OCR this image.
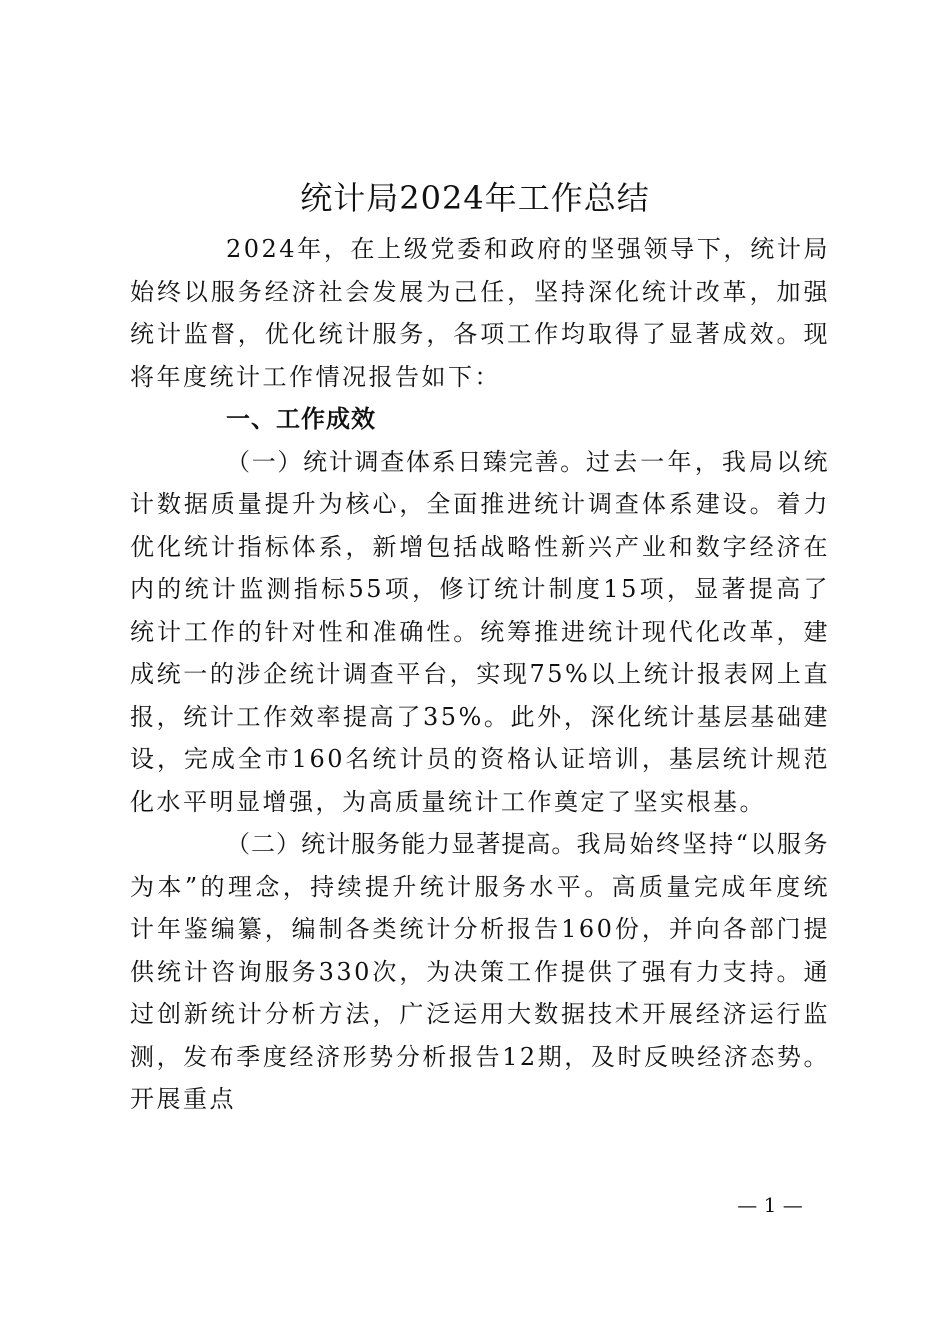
统计局2024年工作总结

2024年，在上级党委和政府的坚强领导下，统计局始终以服务经济社会发展为己任，坚持深化统计改革，加强统计监督，优化统计服务，各项工作均取得了显著成效。现将年度统计工作情况报告如下：

一、工作成效

（一）统计调查体系日臻完善。过去一年，我局以统计数据质量提升为核心，全面推进统计调查体系建设。着力优化统计指标体系，新增包括战略性新兴产业和数字经济在内的统计监测指标55项，修订统计制度15项，显著提高了统计工作的针对性和准确性。统筹推进统计现代化改革，建成统一的涉企统计调查平台，实现75%以上统计报表网上直报，统计工作效率提高了35%。此外，深化统计基层基础建设，完成全市160名统计员的资格认证培训，基层统计规范化水平明显增强，为高质量统计工作奠定了坚实根基。

（二）统计服务能力显著提高。我局始终坚持“以服务为本”的理念，持续提升统计服务水平。高质量完成年度统计年鉴编纂，编制各类统计分析报告160份，并向各部门提供统计咨询服务330次，为决策工作提供了强有力支持。通过创新统计分析方法，广泛运用大数据技术开展经济运行监测，发布季度经济形势分析报告12期，及时反映经济态势。开展重点

— 1 —
